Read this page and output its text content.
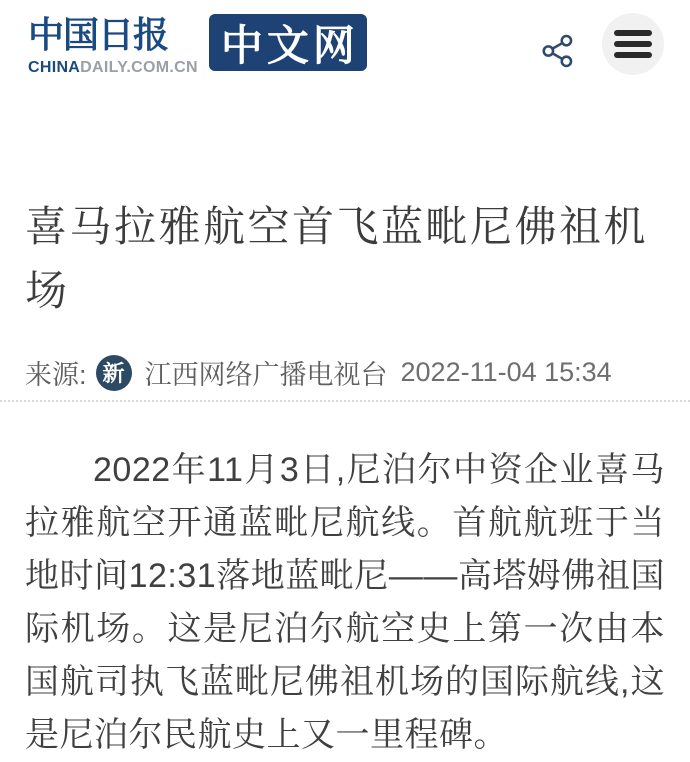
中国日报
CHINADAILY.COM.CN 中文网
喜马拉雅航空首飞蓝毗尼佛祖机场
来源: 新 江西网络广播电视台 2022-11-04 15:34

2022年11月3日,尼泊尔中资企业喜马拉雅航空开通蓝毗尼航线。首航航班于当地时间12:31落地蓝毗尼——高塔姆佛祖国际机场。这是尼泊尔航空史上第一次由本国航司执飞蓝毗尼佛祖机场的国际航线,这是尼泊尔民航史上又一里程碑。
